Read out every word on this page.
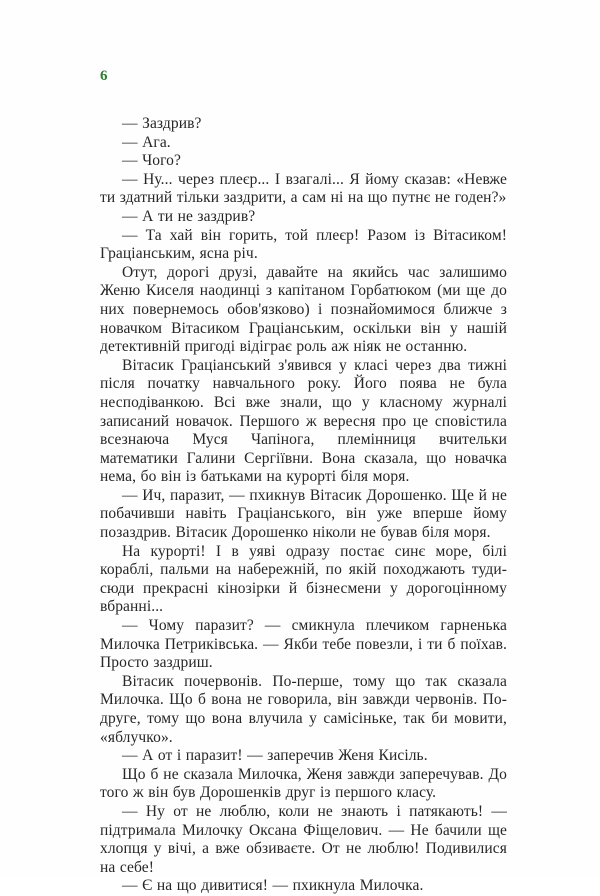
6

— Заздрив?

— Ага.

— Чого?

— Ну... через плеєр... І взагалі... Я йому сказав: «Невже ти здатний тільки заздрити, а сам ні на що путнє не годен?»

— А ти не заздрив?

— Та хай він горить, той плеєр! Разом із Вітасиком! Граціанським, ясна річ.

Отут, дорогі друзі, давайте на якийсь час залишимо Женю Киселя наодинці з капітаном Горбатюком (ми ще до них повернемось обов'язково) і познайомимося ближче з новачком Вітасиком Граціанським, оскільки він у нашій детективній пригоді відіграє роль аж ніяк не останню.

Вітасик Граціанський з'явився у класі через два тижні після початку навчального року. Його поява не була несподіванкою. Всі вже знали, що у класному журналі записаний новачок. Першого ж вересня про це сповістила всезнаюча Муся Чапінога, племінниця вчительки математики Галини Сергіївни. Вона сказала, що новачка нема, бо він із батьками на курорті біля моря.

— Ич, паразит, — пхикнув Вітасик Дорошенко. Ще й не побачивши навіть Граціанського, він уже вперше йому позаздрив. Вітасик Дорошенко ніколи не бував біля моря.

На курорті! І в уяві одразу постає синє море, білі кораблі, пальми на набережній, по якій походжають туди-сюди прекрасні кінозірки й бізнесмени у дорогоцінному вбранні...

— Чому паразит? — смикнула плечиком гарненька Милочка Петриківська. — Якби тебе повезли, і ти б поїхав. Просто заздриш.

Вітасик почервонів. По-перше, тому що так сказала Милочка. Що б вона не говорила, він завжди червонів. По-друге, тому що вона влучила у самісіньке, так би мовити, «яблучко».

— А от і паразит! — заперечив Женя Кисіль.

Що б не сказала Милочка, Женя завжди заперечував. До того ж він був Дорошенків друг із першого класу.

— Ну от не люблю, коли не знають і патякають! — підтримала Милочку Оксана Фіщелович. — Не бачили ще хлопця у вічі, а вже обзиваєте. От не люблю! Подивилися на себе!

— Є на що дивитися! — пхикнула Милочка.
